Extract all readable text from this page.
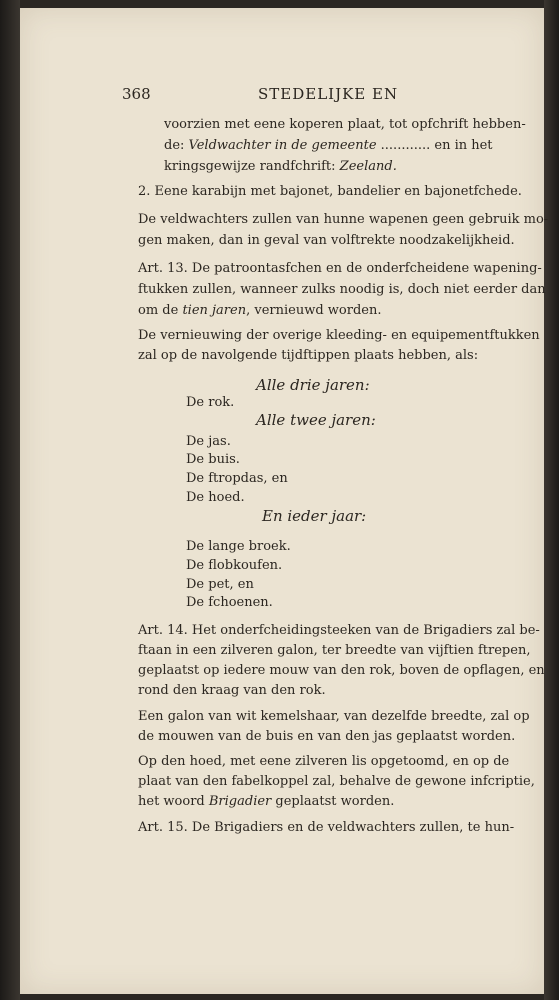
368	STEDELIJKE EN
voorzien met eene koperen plaat, tot opfchrift hebben-
de: Veldwachter in de gemeente ............ en in het
kringsgewijze randfchrift: Zeeland.
2. Eene karabijn met bajonet, bandelier en bajonetfchede.
De veldwachters zullen van hunne wapenen geen gebruik mo-
gen maken, dan in geval van volftrekte noodzakelijkheid.
Art. 13. De patroontasfchen en de onderfcheidene wapening-
ftukken zullen, wanneer zulks noodig is, doch niet eerder dan
om de tien jaren, vernieuwd worden.
De vernieuwing der overige kleeding- en equipementftukken
zal op de navolgende tijdftippen plaats hebben, als:
Alle drie jaren:
De rok.
Alle twee jaren:
De jas.
De buis.
De ftropdas, en
De hoed.
En ieder jaar:
De lange broek.
De flobkoufen.
De pet, en
De fchoenen.
Art. 14. Het onderfcheidingsteeken van de Brigadiers zal be-
ftaan in een zilveren galon, ter breedte van vijftien ftrepen,
geplaatst op iedere mouw van den rok, boven de opflagen, en
rond den kraag van den rok.
Een galon van wit kemelshaar, van dezelfde breedte, zal op
de mouwen van de buis en van den jas geplaatst worden.
Op den hoed, met eene zilveren lis opgetoomd, en op de
plaat van den fabelkoppel zal, behalve de gewone infcriptie,
het woord Brigadier geplaatst worden.
Art. 15. De Brigadiers en de veldwachters zullen, te hun-
